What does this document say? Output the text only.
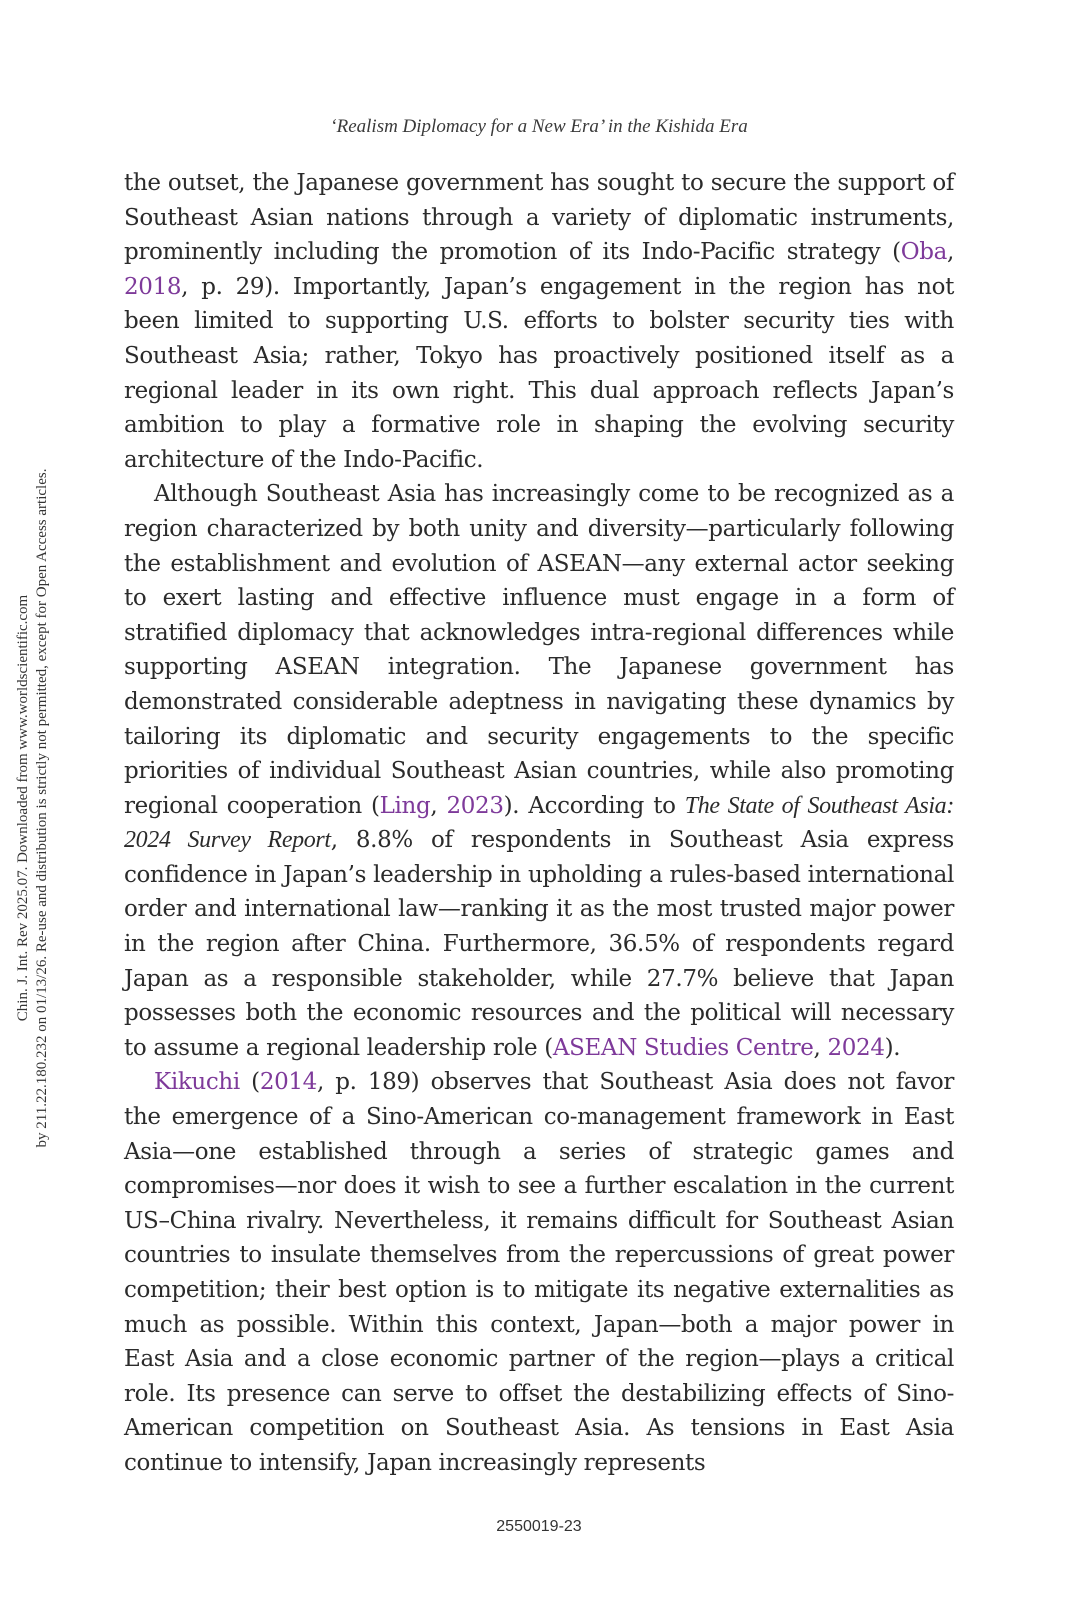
‘Realism Diplomacy for a New Era’ in the Kishida Era
Chin. J. Int. Rev 2025.07. Downloaded from www.worldscientific.com by 211.22.180.232 on 01/13/26. Re-use and distribution is strictly not permitted, except for Open Access articles.

the outset, the Japanese government has sought to secure the support of Southeast Asian nations through a variety of diplomatic instruments, prominently including the promotion of its Indo-Pacific strategy (Oba, 2018, p. 29). Importantly, Japan’s engagement in the region has not been limited to supporting U.S. efforts to bolster security ties with Southeast Asia; rather, Tokyo has proactively positioned itself as a regional leader in its own right. This dual approach reflects Japan’s ambition to play a formative role in shaping the evolving security architecture of the Indo-Pacific.

Although Southeast Asia has increasingly come to be recognized as a region characterized by both unity and diversity—particularly following the establishment and evolution of ASEAN—any external actor seeking to exert lasting and effective influence must engage in a form of stratified diplomacy that acknowledges intra-regional differences while supporting ASEAN integration. The Japanese government has demonstrated considerable adeptness in navigating these dynamics by tailoring its diplomatic and security engagements to the specific priorities of individual Southeast Asian countries, while also promoting regional cooperation (Ling, 2023). According to The State of Southeast Asia: 2024 Survey Report, 8.8% of respondents in Southeast Asia express confidence in Japan’s leadership in upholding a rules-based international order and international law—ranking it as the most trusted major power in the region after China. Furthermore, 36.5% of respondents regard Japan as a responsible stakeholder, while 27.7% believe that Japan possesses both the economic resources and the political will necessary to assume a regional leadership role (ASEAN Studies Centre, 2024).

Kikuchi (2014, p. 189) observes that Southeast Asia does not favor the emergence of a Sino-American co-management framework in East Asia—one established through a series of strategic games and compromises—nor does it wish to see a further escalation in the current US–China rivalry. Nevertheless, it remains difficult for Southeast Asian countries to insulate themselves from the repercussions of great power competition; their best option is to mitigate its negative externalities as much as possible. Within this context, Japan—both a major power in East Asia and a close economic partner of the region—plays a critical role. Its presence can serve to offset the destabilizing effects of Sino-American competition on Southeast Asia. As tensions in East Asia continue to intensify, Japan increasingly represents

2550019-23
